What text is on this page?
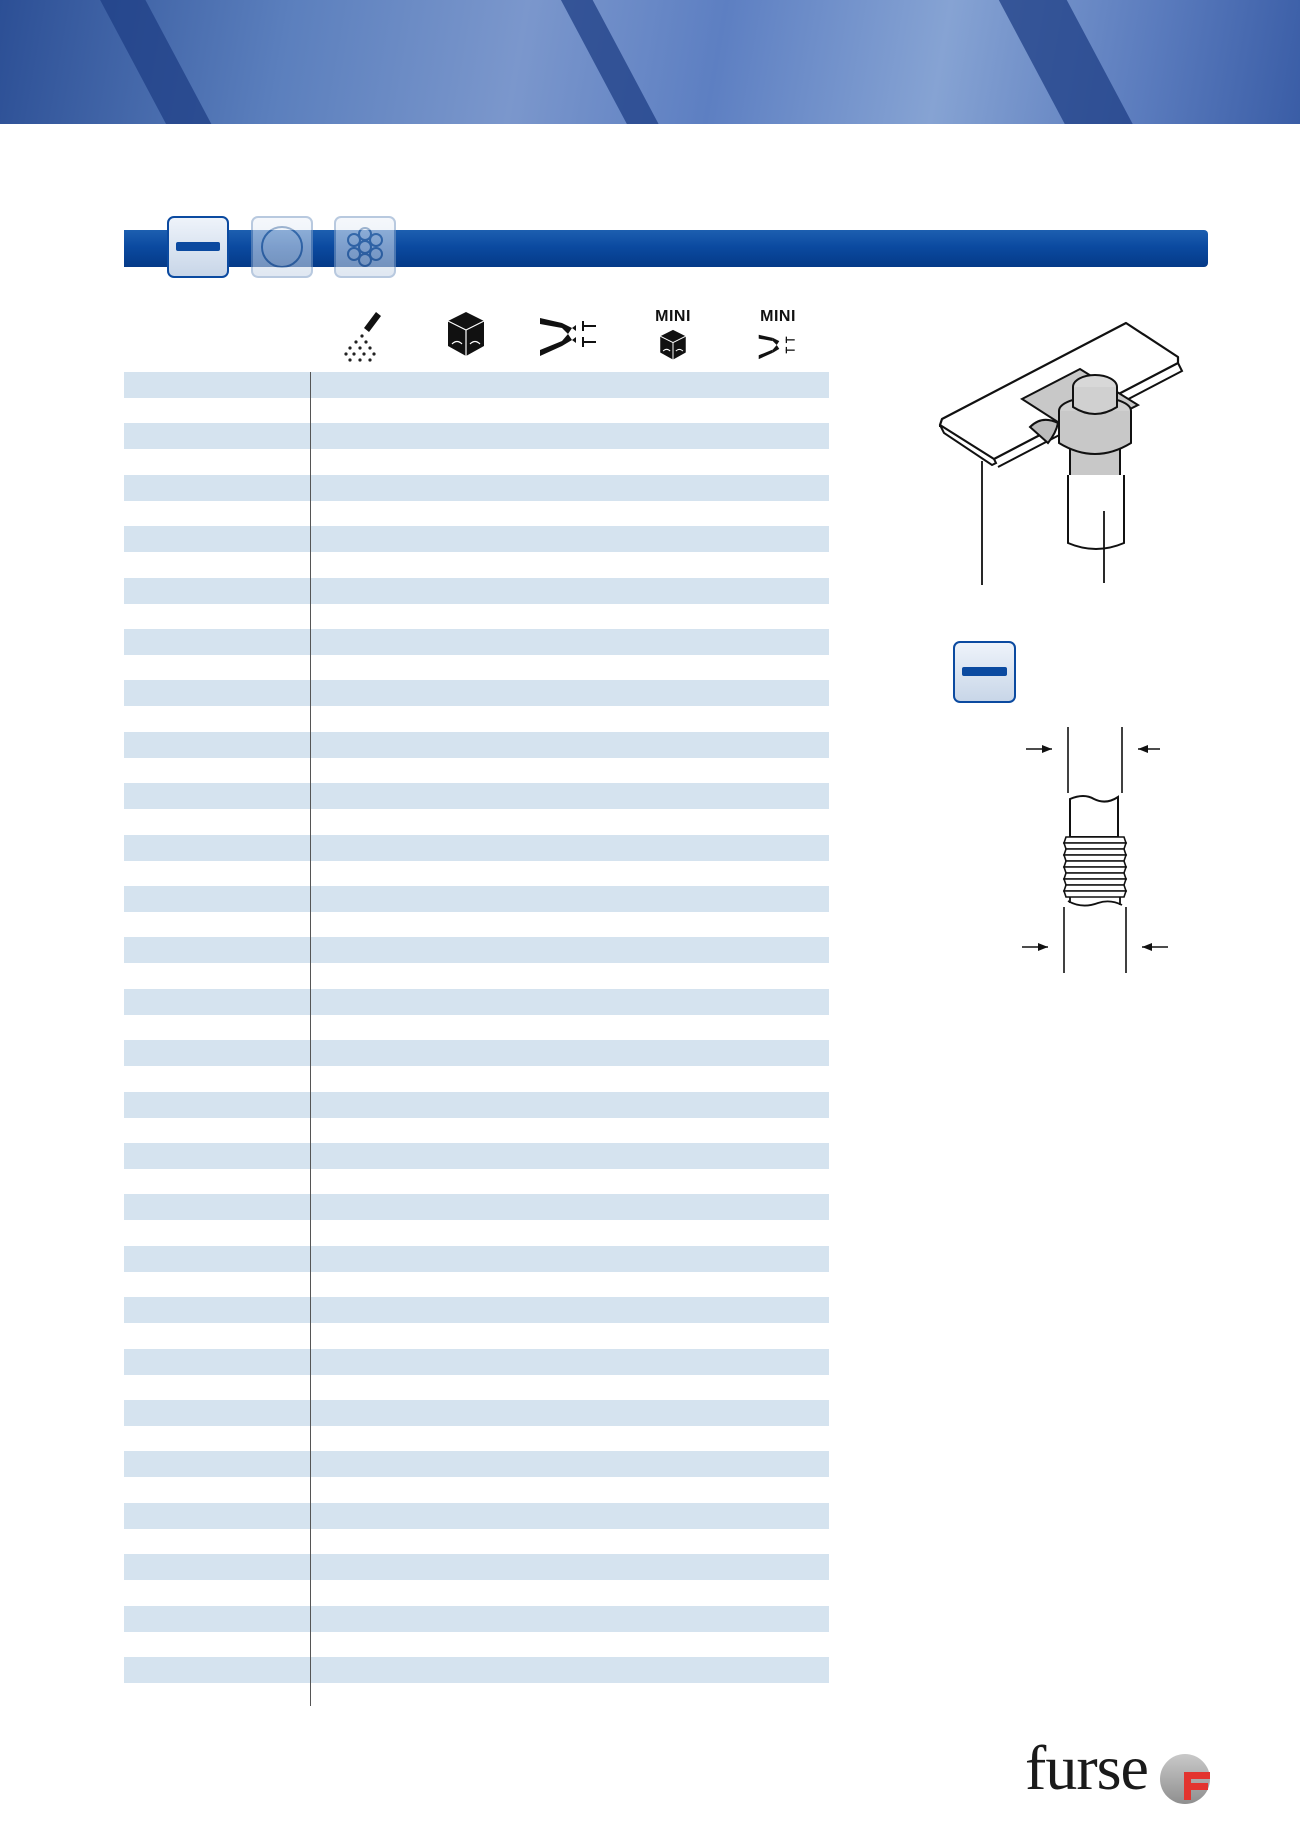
MINI	MINI
furse
